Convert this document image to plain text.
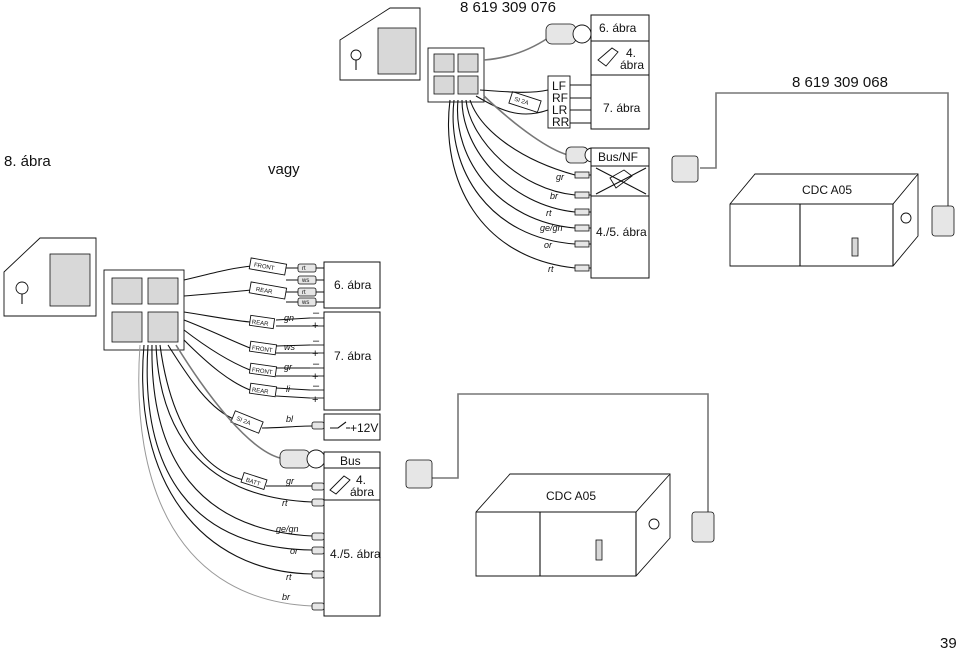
8 619 309 076
6. ábra
4. ábra
7. ábra
LF
RF
LR
RR
SI 2A
gr
br
rt
ge/gn
or
rt
Bus/NF
4./5. ábra
8 619 309 068
CDC A05
8. ábra	vagy
FRONT
REAR
rt
ws
rt
ws
6. ábra
REAR
FRONT
FRONT
REAR
gn
ws
gr
li
–
+
–
+
–
+
–
+
7. ábra
SI 2A	bl
+12V
Bus
4.
ábra
4./5. ábra
BATT	gr
rt
ge/gn
or
rt
br
CDC A05
39
